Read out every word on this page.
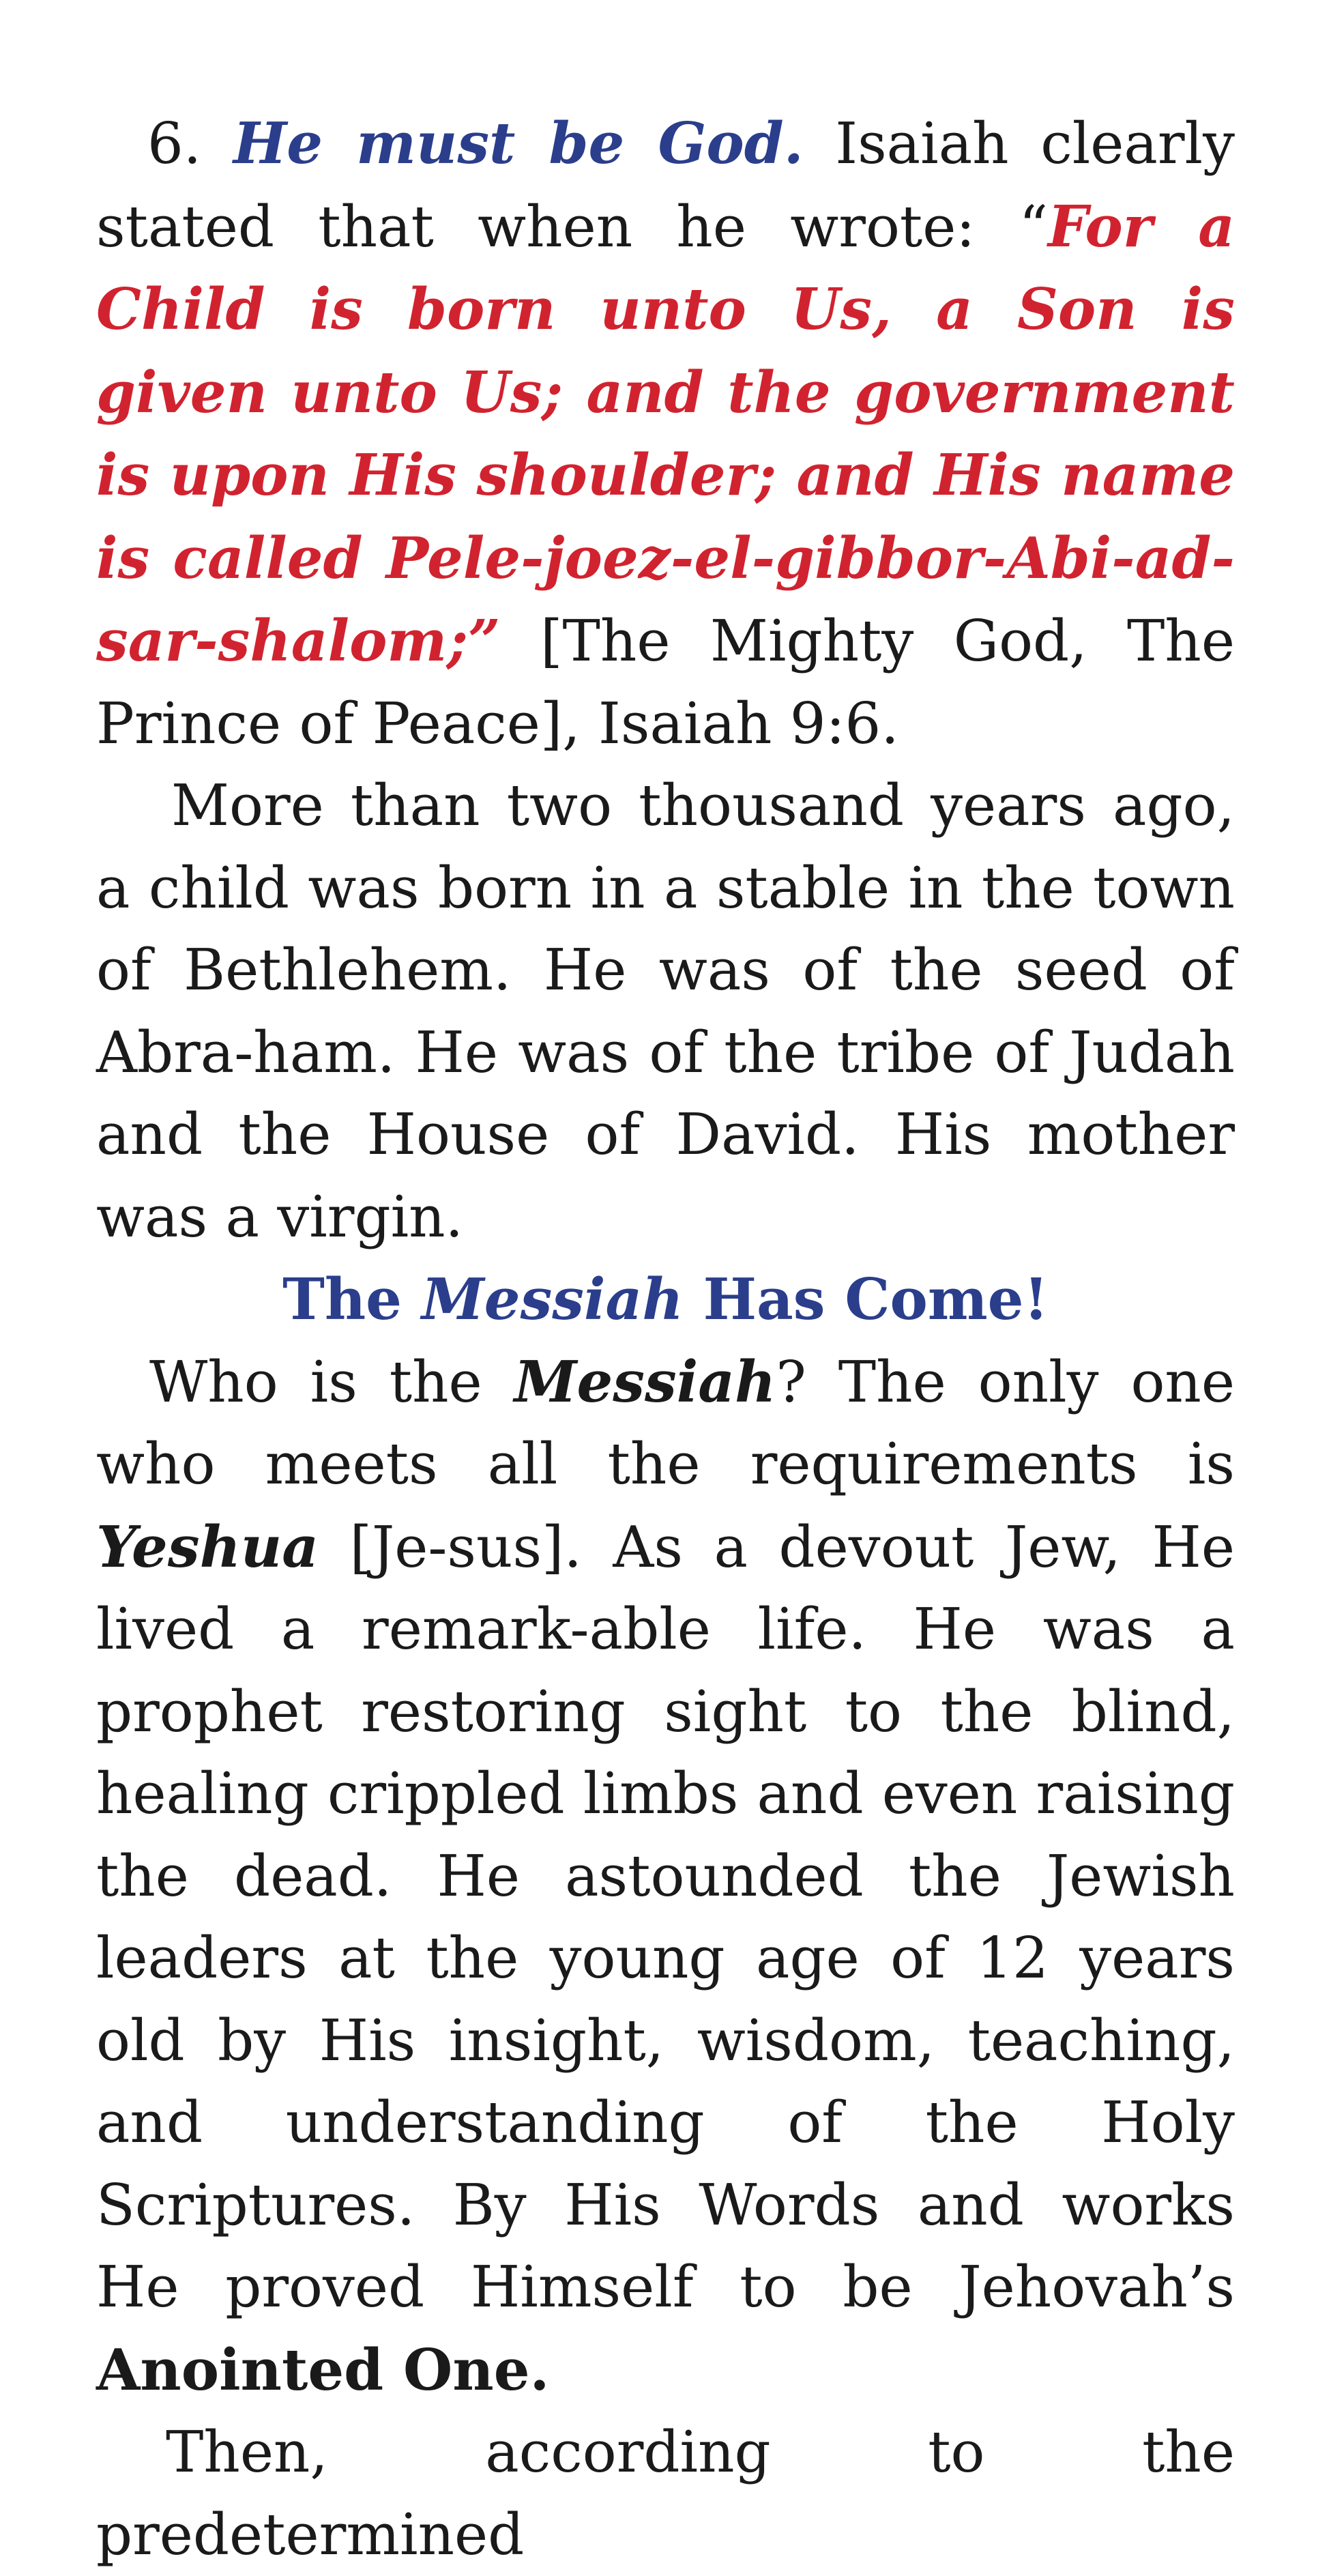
6. He must be God. Isaiah clearly stated that when he wrote: “For a Child is born unto Us, a Son is given unto Us; and the government is upon His shoulder; and His name is called Pele-joez-el-gibbor-Abi-ad-sar-shalom;” [The Mighty God, The Prince of Peace], Isaiah 9:6.

More than two thousand years ago, a child was born in a stable in the town of Bethlehem. He was of the seed of Abra-ham. He was of the tribe of Judah and the House of David. His mother was a virgin.

The Messiah Has Come!

Who is the Messiah? The only one who meets all the requirements is Yeshua [Je-sus]. As a devout Jew, He lived a remark-able life. He was a prophet restoring sight to the blind, healing crippled limbs and even raising the dead. He astounded the Jewish leaders at the young age of 12 years old by His insight, wisdom, teaching, and understanding of the Holy Scriptures. By His Words and works He proved Himself to be Jehovah’s Anointed One.

Then, according to the predetermined
